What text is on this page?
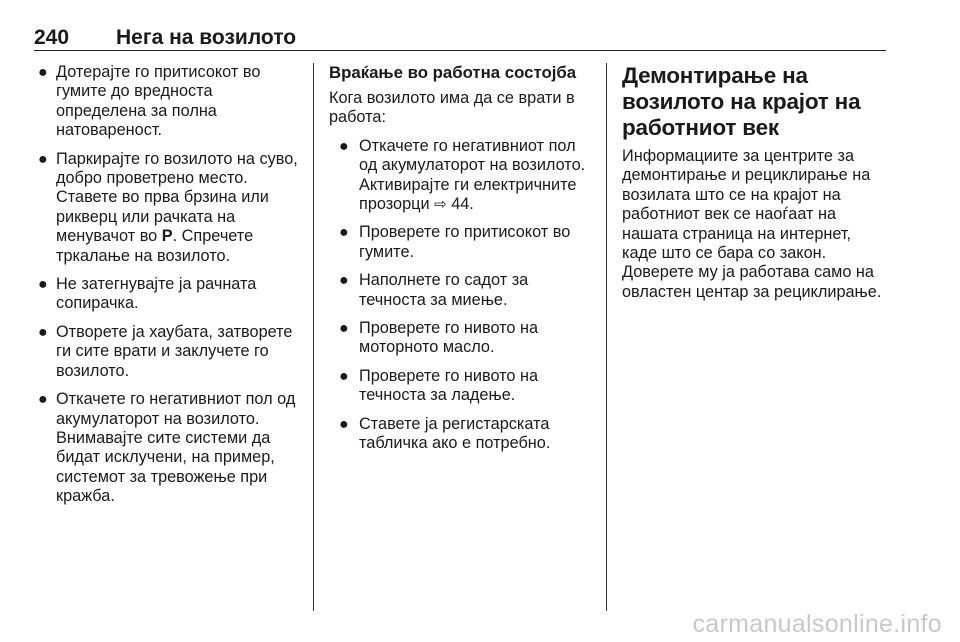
240	Нега на возилото
● Дотерајте го притисокот во гумите до вредноста определена за полна натовареност.
● Паркирајте го возилото на суво, добро проветрено место. Ставете во прва брзина или рикверц или рачката на менувачот во P. Спречете тркалање на возилото.
● Не затегнувајте ја рачната сопирачка.
● Отворете ја хаубата, затворете ги сите врати и заклучете го возилото.
● Откачете го негативниот пол од акумулаторот на возилото. Внимавајте сите системи да бидат исклучени, на пример, системот за тревожење при кражба.
Враќање во работна состојба

Кога возилото има да се врати в работа:

● Откачете го негативниот пол од акумулаторот на возилото. Активирајте ги електричните прозорци ⇨ 44.
● Проверете го притисокот во гумите.
● Наполнете го садот за течноста за миење.
● Проверете го нивото на моторното масло.
● Проверете го нивото на течноста за ладење.
● Ставете ја регистарската табличка ако е потребно.
Демонтирање на возилото на крајот на работниот век

Информациите за центрите за демонтирање и рециклирање на возилата што се на крајот на работниот век се наоѓаат на нашата страница на интернет, каде што се бара со закон. Доверете му ја работава само на овластен центар за рециклирање.

carmanualsonline.info
